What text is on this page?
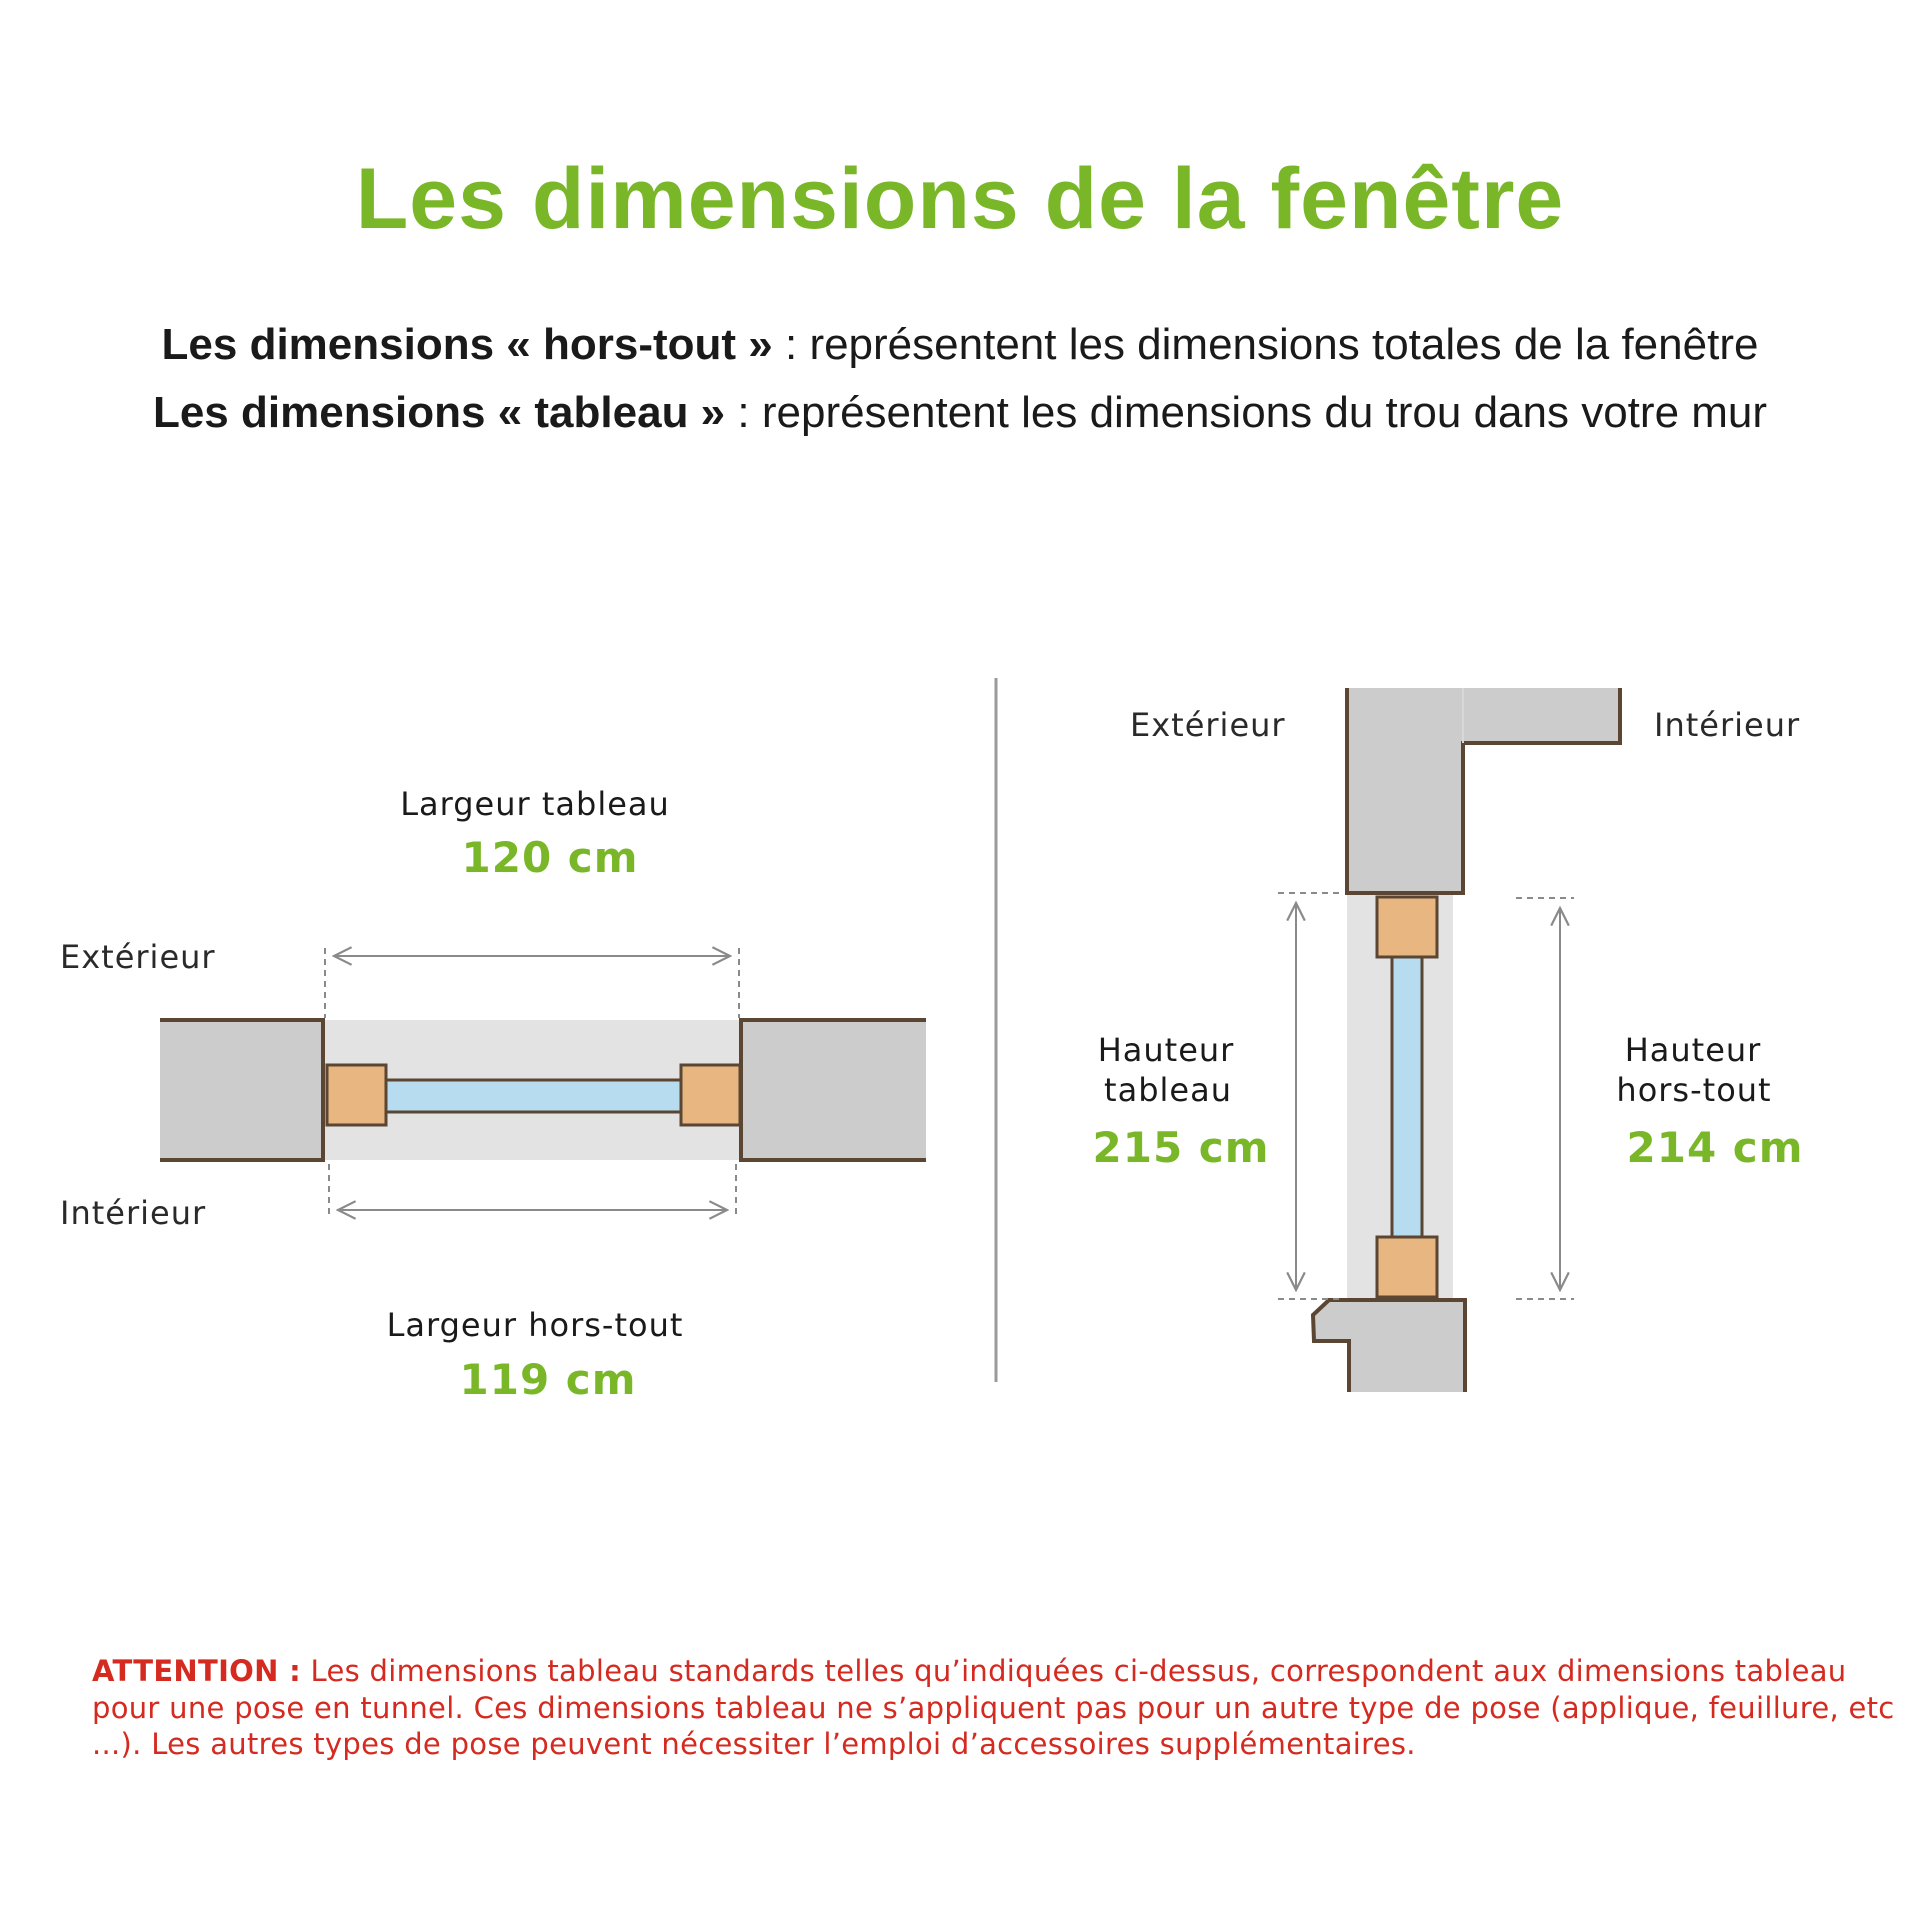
Les dimensions de la fenêtre
Les dimensions « hors-tout » : représentent les dimensions totales de la fenêtre
Les dimensions « tableau » : représentent les dimensions du trou dans votre mur
Extérieur
Intérieur
Largeur tableau
120 cm
Largeur hors-tout
119 cm
Extérieur	Intérieur
Hauteur
tableau
215 cm
Hauteur
hors-tout
214 cm
ATTENTION : Les dimensions tableau standards telles qu’indiquées ci-dessus, correspondent aux dimensions tableau pour une pose en tunnel. Ces dimensions tableau ne s’appliquent pas pour un autre type de pose (applique, feuillure, etc ...). Les autres types de pose peuvent nécessiter l’emploi d’accessoires supplémentaires.
